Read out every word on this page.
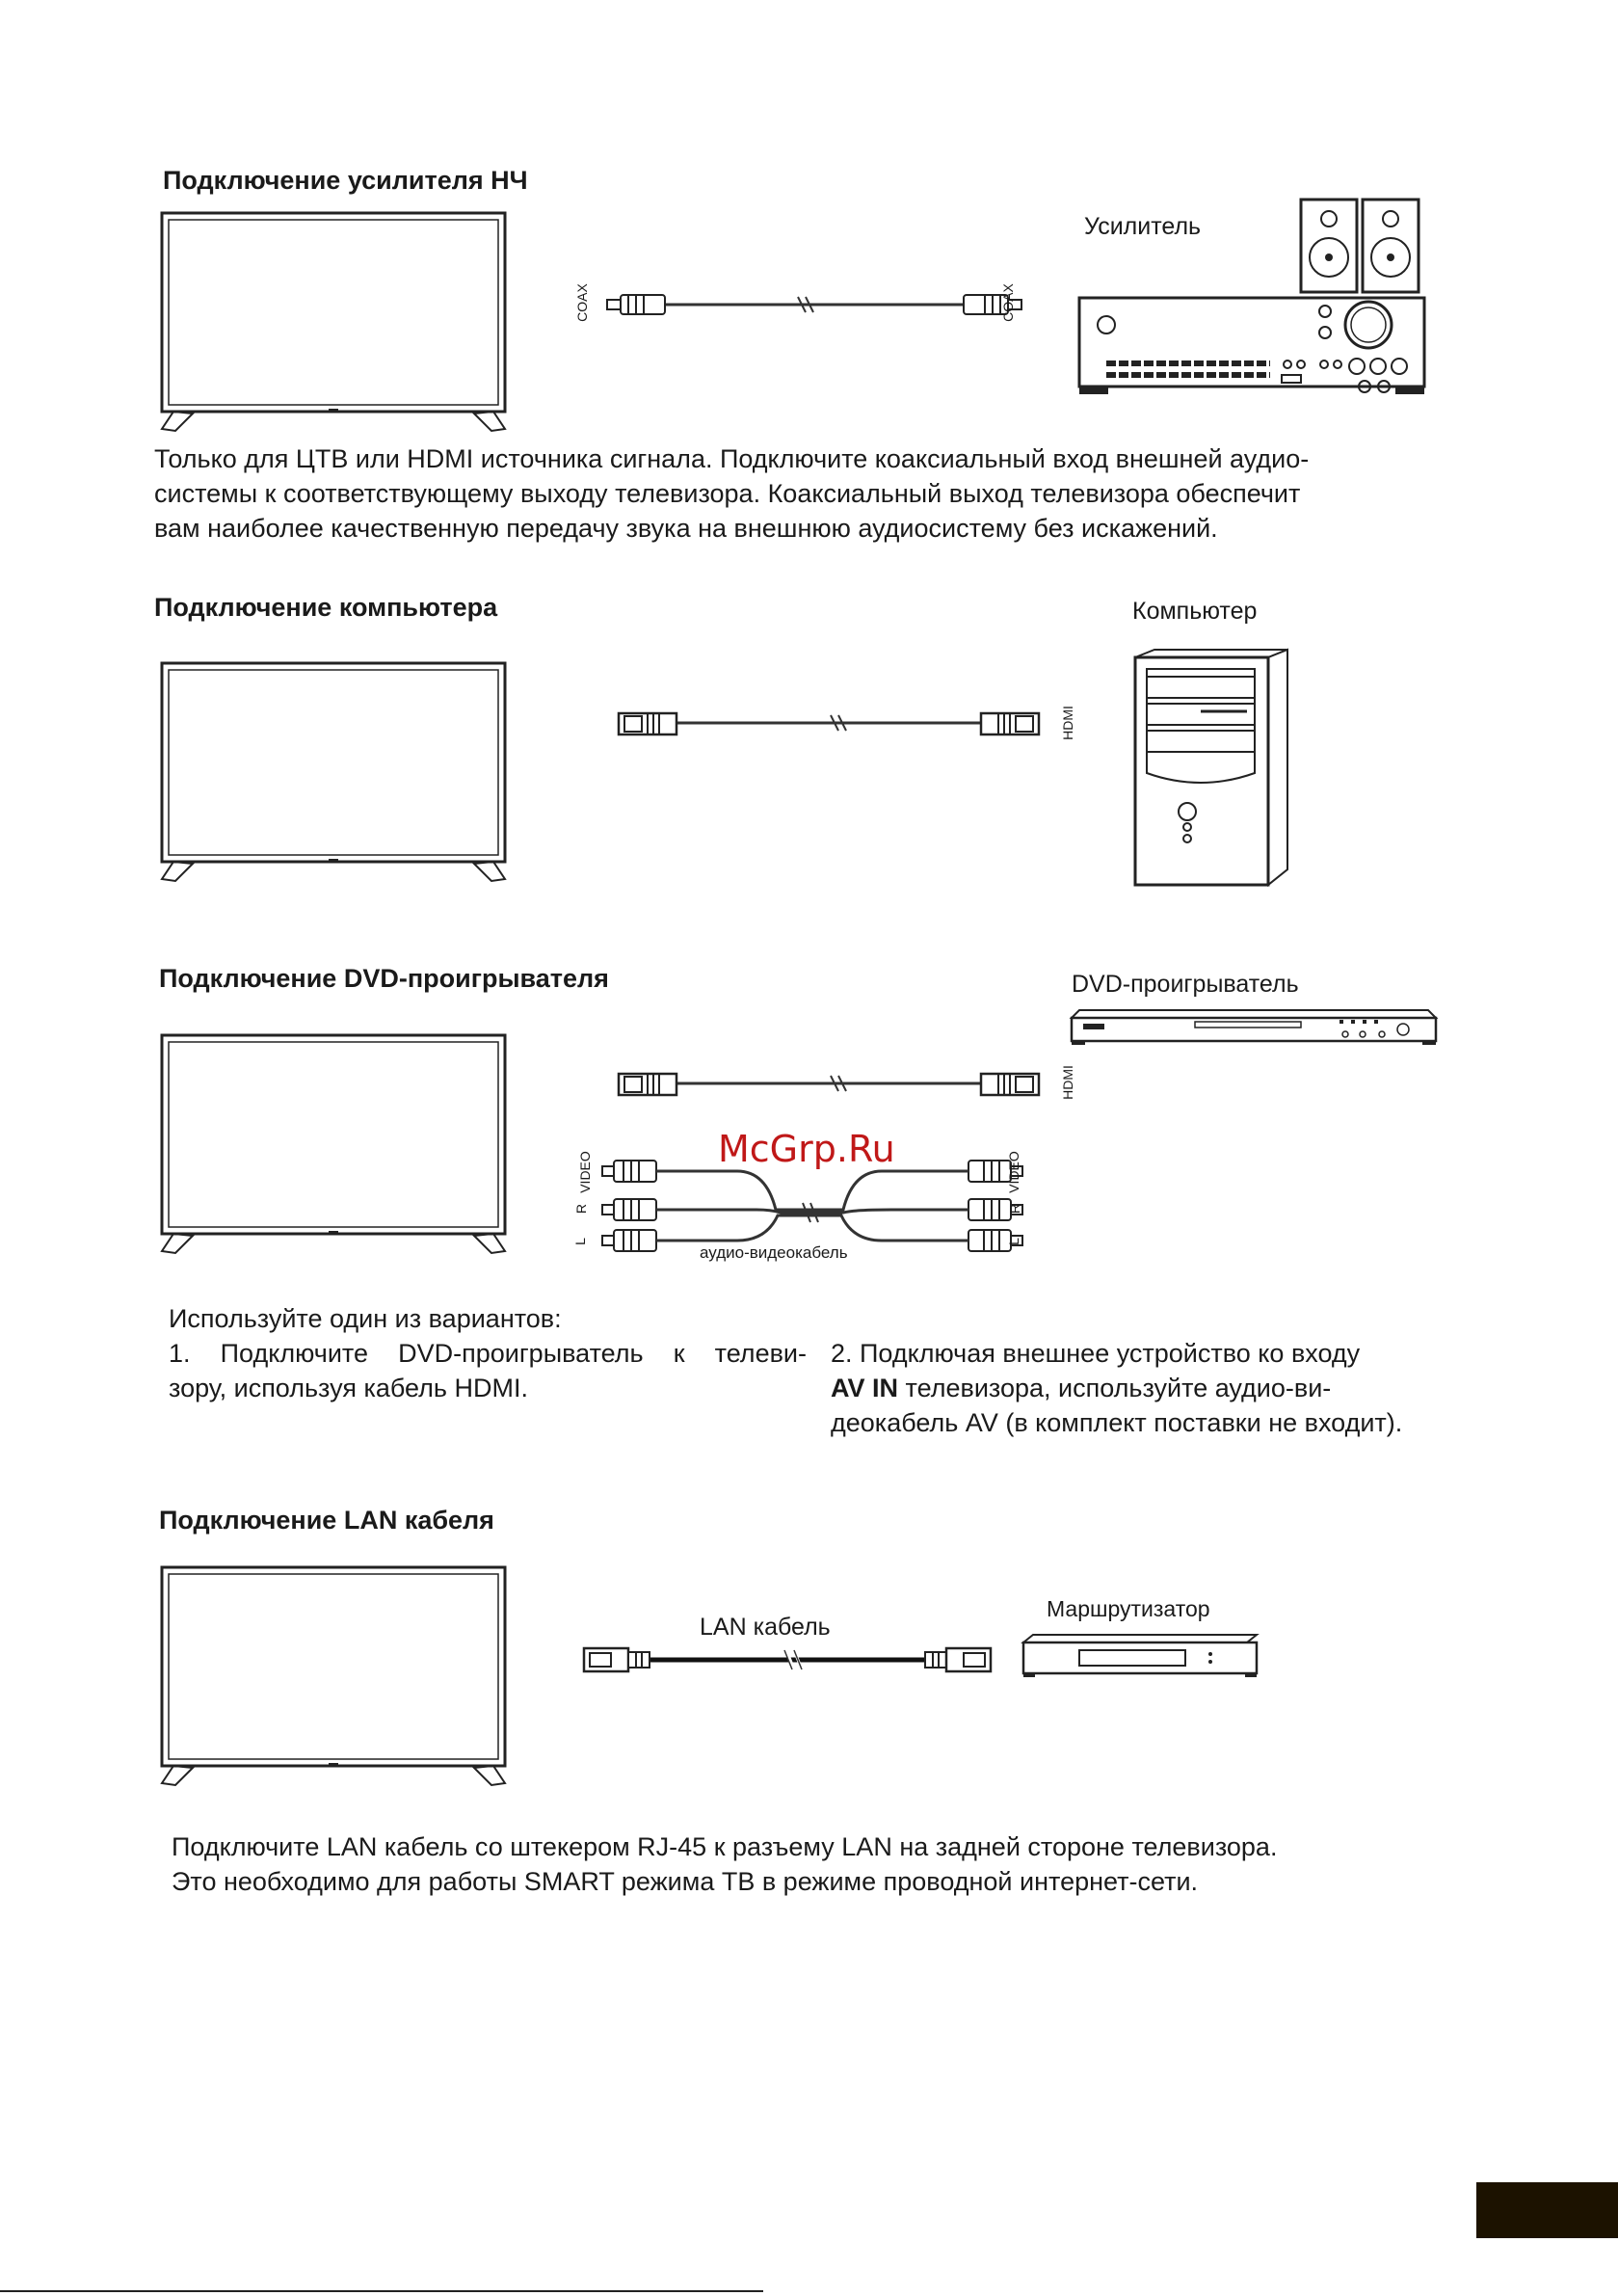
Подключение усилителя НЧ
COAX	COAX
Усилитель
Только для ЦТВ или HDMI источника сигнала. Подключите коаксиальный вход внешней аудио-
системы к соответствующему выходу телевизора. Коаксиальный выход телевизора обеспечит
вам наиболее качественную передачу звука на внешнюю аудиосистему без искажений.
Подключение компьютера
HDMI
Компьютер
Подключение DVD-проигрывателя
HDMI
DVD-проигрыватель
McGrp.Ru
VIDEO
R
L
VIDEO
R
L
аудио-видеокабель
Используйте один из вариантов:
1. Подключите DVD-проигрыватель к телеви-
зору, используя кабель HDMI.
2. Подключая внешнее устройство ко входу
AV IN телевизора, используйте аудио-ви-
деокабель AV (в комплект поставки не входит).
Подключение LAN кабеля
LAN кабель
Маршрутизатор
Подключите LAN кабель со штекером RJ-45 к разъему LAN на задней стороне телевизора.
Это необходимо для работы SMART режима ТВ в режиме проводной интернет-сети.
